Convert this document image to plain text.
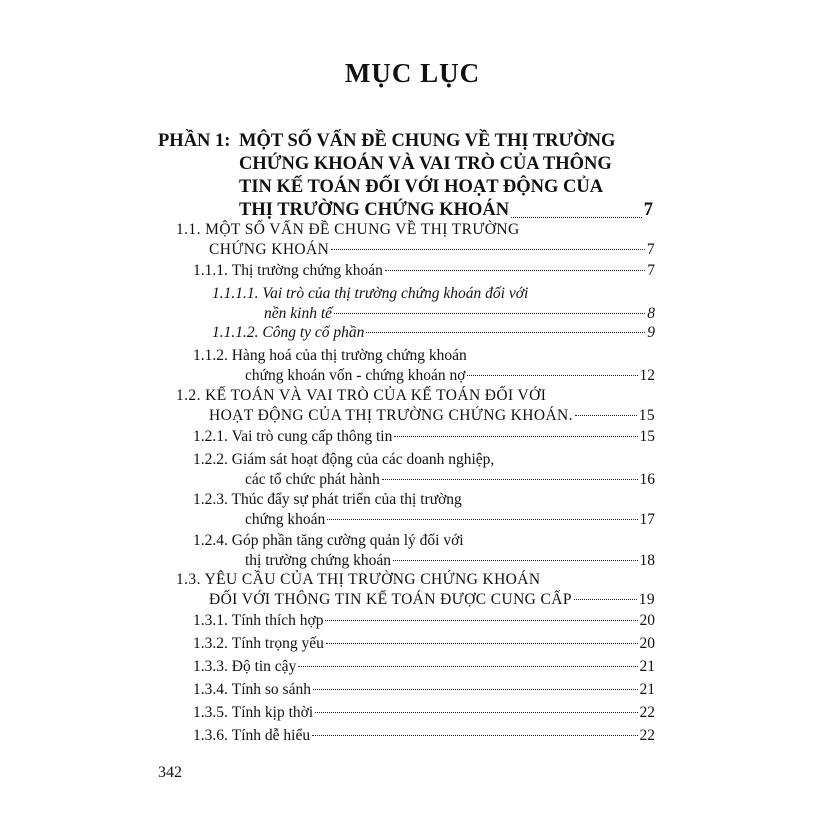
MỤC LỤC
PHẦN 1: MỘT SỐ VẤN ĐỀ CHUNG VỀ THỊ TRƯỜNG
CHỨNG KHOÁN VÀ VAI TRÒ CỦA THÔNG
TIN KẾ TOÁN ĐỐI VỚI HOẠT ĐỘNG CỦA
THỊ TRƯỜNG CHỨNG KHOÁN	7
1.1. MỘT SỐ VẤN ĐỀ CHUNG VỀ THỊ TRƯỜNG
CHỨNG KHOÁN	7
1.1.1.
Thị trường chứng khoán	7
1.1.1.1. Vai trò của thị trường chứng khoán đối với
nền kinh tế	8
1.1.1.2.
Công ty cổ phần	9
1.1.2. Hàng hoá của thị trường chứng khoán
chứng khoán vốn - chứng khoán nợ	12
1.2. KẾ TOÁN VÀ VAI TRÒ CỦA KẾ TOÁN ĐỐI VỚI
HOẠT ĐỘNG CỦA THỊ TRƯỜNG CHỨNG KHOÁN.	15
1.2.1.
Vai trò cung cấp thông tin	15
1.2.2. Giám sát hoạt động của các doanh nghiệp,
các tổ chức phát hành	16
1.2.3. Thúc đẩy sự phát triển của thị trường
chứng khoán	17
1.2.4. Góp phần tăng cường quản lý đối với
thị trường chứng khoán	18
1.3. YÊU CẦU CỦA THỊ TRƯỜNG CHỨNG KHOÁN
ĐỐI VỚI THÔNG TIN KẾ TOÁN ĐƯỢC CUNG CẤP	19
1.3.1.
Tính thích hợp	20
1.3.2.
Tính trọng yếu	20
1.3.3.
Độ tin cậy	21
1.3.4.
Tính so sánh	21
1.3.5.
Tính kịp thời	22
1.3.6.
Tính dễ hiểu	22
342
